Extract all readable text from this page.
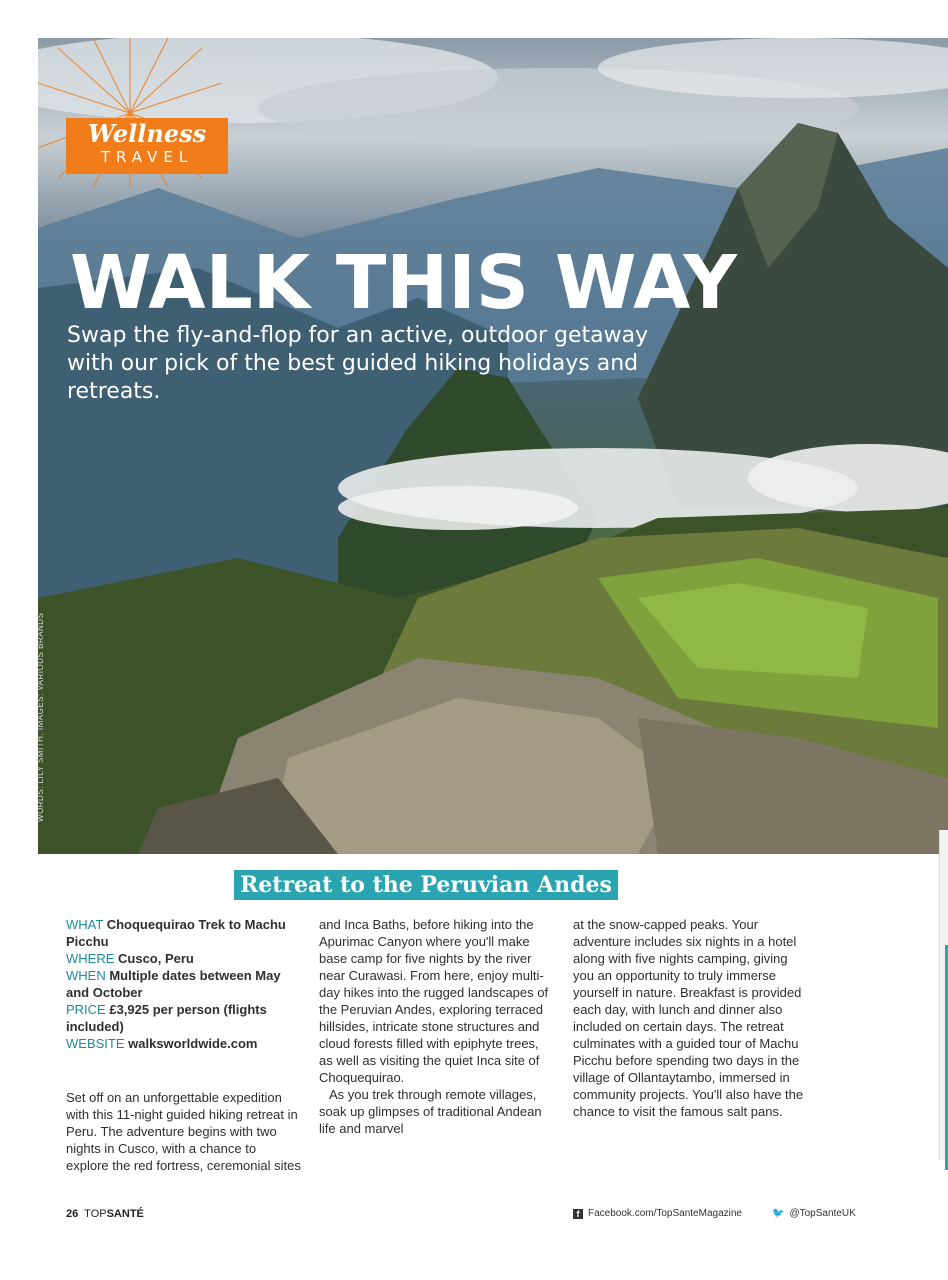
Wellness
TRAVEL
WALK THIS WAY

Swap the fly-and-flop for an active, outdoor getaway with our pick of the best guided hiking holidays and retreats.

WORDS: LILY SMITH. IMAGES: VARIOUS BRANDS
Retreat to the Peruvian Andes
WHAT Choquequirao Trek to Machu Picchu
WHERE Cusco, Peru
WHEN Multiple dates between May and October
PRICE £3,925 per person (flights included)
WEBSITE walksworldwide.com

Set off on an unforgettable expedition with this 11-night guided hiking retreat in Peru. The adventure begins with two nights in Cusco, with a chance to explore the red fortress, ceremonial sites

and Inca Baths, before hiking into the Apurimac Canyon where you'll make base camp for five nights by the river near Curawasi. From here, enjoy multi-day hikes into the rugged landscapes of the Peruvian Andes, exploring terraced hillsides, intricate stone structures and cloud forests filled with epiphyte trees, as well as visiting the quiet Inca site of Choquequirao.

As you trek through remote villages, soak up glimpses of traditional Andean life and marvel

at the snow-capped peaks. Your adventure includes six nights in a hotel along with five nights camping, giving you an opportunity to truly immerse yourself in nature. Breakfast is provided each day, with lunch and dinner also included on certain days. The retreat culminates with a guided tour of Machu Picchu before spending two days in the village of Ollantaytambo, immersed in community projects. You'll also have the chance to visit the famous salt pans.

26 TOPSANTÉ	f Facebook.com/TopSanteMagazine	🐦 @TopSanteUK
